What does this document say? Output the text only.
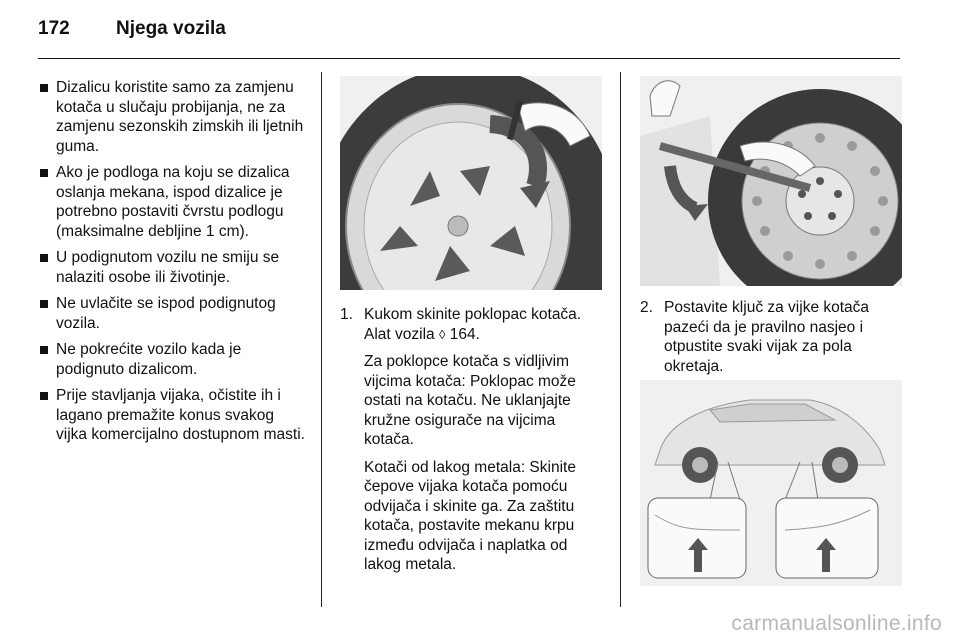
172	Njega vozila
Dizalicu koristite samo za zamjenu kotača u slučaju probijanja, ne za zamjenu sezonskih zimskih ili ljetnih guma.
Ako je podloga na koju se dizalica oslanja mekana, ispod dizalice je potrebno postaviti čvrstu podlogu (maksimalne debljine 1 cm).
U podignutom vozilu ne smiju se nalaziti osobe ili životinje.
Ne uvlačite se ispod podignutog vozila.
Ne pokrećite vozilo kada je podignuto dizalicom.
Prije stavljanja vijaka, očistite ih i lagano premažite konus svakog vijka komercijalno dostupnom masti.
1. Kukom skinite poklopac kotača. Alat vozila ◊ 164.

Za poklopce kotača s vidljivim vijcima kotača: Poklopac može ostati na kotaču. Ne uklanjajte kružne osigurače na vijcima kotača.

Kotači od lakog metala: Skinite čepove vijaka kotača pomoću odvijača i skinite ga. Za zaštitu kotača, postavite mekanu krpu između odvijača i naplatka od lakog metala.

2. Postavite ključ za vijke kotača pazeći da je pravilno nasjeo i otpustite svaki vijak za pola okretaja.

carmanualsonline.info
